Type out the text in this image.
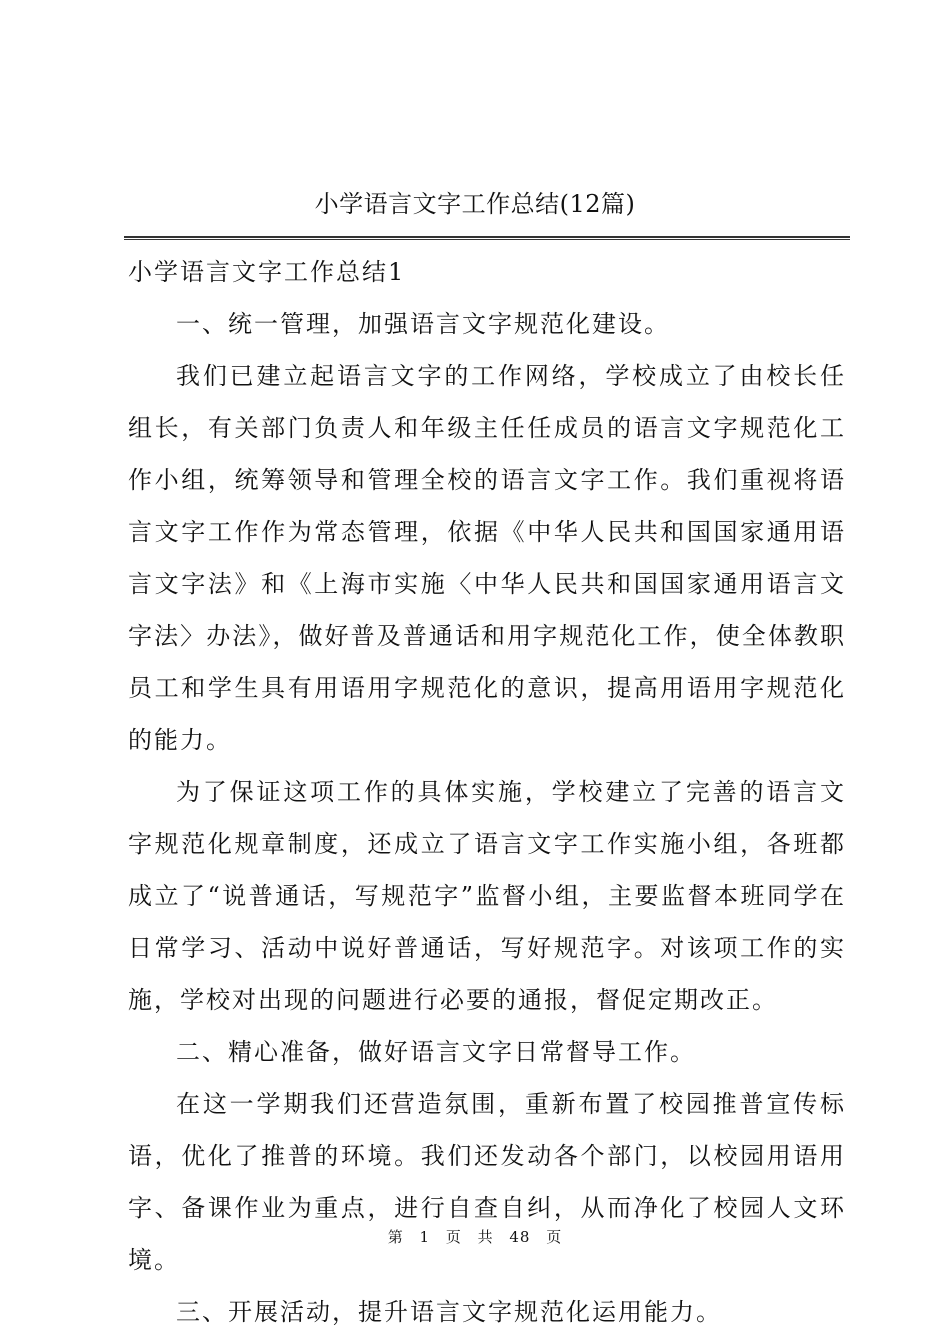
小学语言文字工作总结(12篇)

小学语言文字工作总结1

一、统一管理，加强语言文字规范化建设。

我们已建立起语言文字的工作网络，学校成立了由校长任组长，有关部门负责人和年级主任任成员的语言文字规范化工作小组，统筹领导和管理全校的语言文字工作。我们重视将语言文字工作作为常态管理，依据《中华人民共和国国家通用语言文字法》和《上海市实施〈中华人民共和国国家通用语言文字法〉办法》，做好普及普通话和用字规范化工作，使全体教职员工和学生具有用语用字规范化的意识，提高用语用字规范化的能力。

为了保证这项工作的具体实施，学校建立了完善的语言文字规范化规章制度，还成立了语言文字工作实施小组，各班都成立了“说普通话，写规范字”监督小组，主要监督本班同学在日常学习、活动中说好普通话，写好规范字。对该项工作的实施，学校对出现的问题进行必要的通报，督促定期改正。

二、精心准备，做好语言文字日常督导工作。

在这一学期我们还营造氛围，重新布置了校园推普宣传标语，优化了推普的环境。我们还发动各个部门，以校园用语用字、备课作业为重点，进行自查自纠，从而净化了校园人文环境。

三、开展活动，提升语言文字规范化运用能力。

第 1 页 共 48 页
